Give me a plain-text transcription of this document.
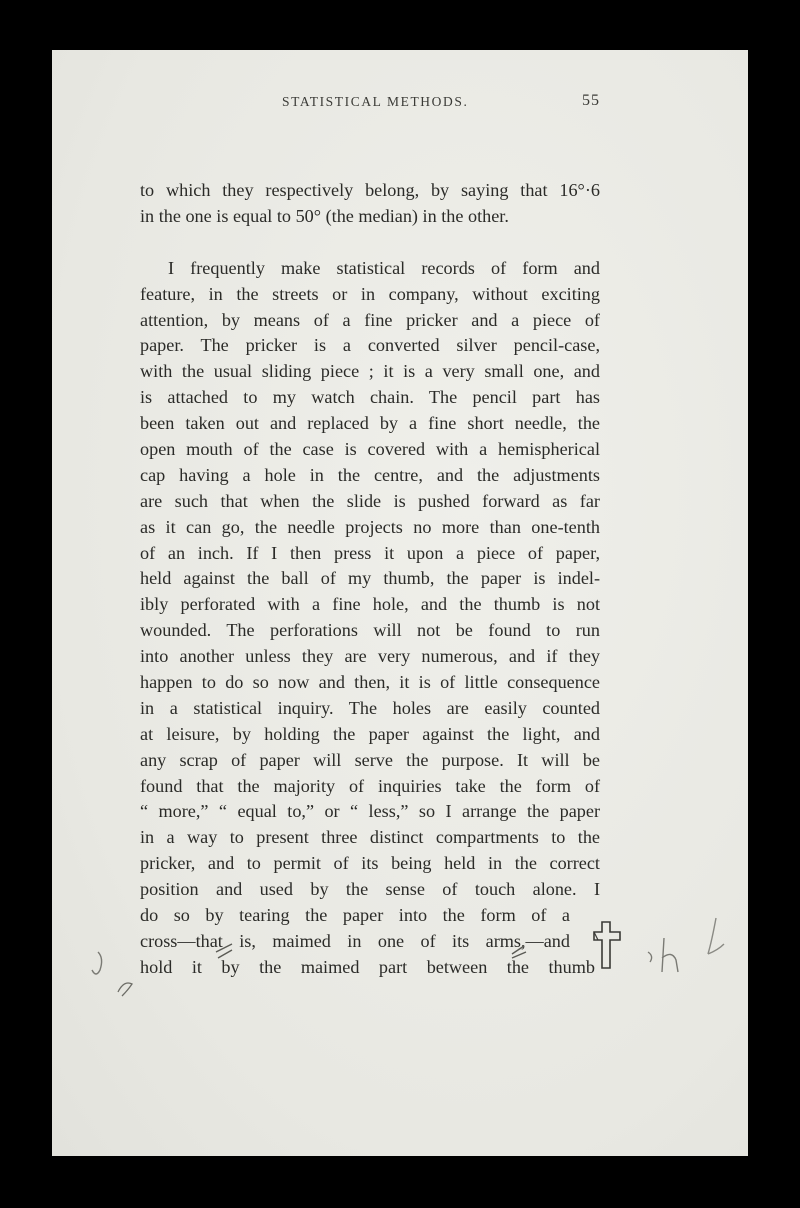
STATISTICAL METHODS.	55
to which they respectively belong, by saying that 16°·6
in the one is equal to 50° (the median) in the other.
I frequently make statistical records of form and
feature, in the streets or in company, without exciting
attention, by means of a fine pricker and a piece of
paper. The pricker is a converted silver pencil-case,
with the usual sliding piece ; it is a very small one, and
is attached to my watch chain. The pencil part has
been taken out and replaced by a fine short needle, the
open mouth of the case is covered with a hemispherical
cap having a hole in the centre, and the adjustments
are such that when the slide is pushed forward as far
as it can go, the needle projects no more than one-tenth
of an inch. If I then press it upon a piece of paper,
held against the ball of my thumb, the paper is indel-
ibly perforated with a fine hole, and the thumb is not
wounded. The perforations will not be found to run
into another unless they are very numerous, and if they
happen to do so now and then, it is of little consequence
in a statistical inquiry. The holes are easily counted
at leisure, by holding the paper against the light, and
any scrap of paper will serve the purpose. It will be
found that the majority of inquiries take the form of
“ more,” “ equal to,” or “ less,” so I arrange the paper
in a way to present three distinct compartments to the
pricker, and to permit of its being held in the correct
position and used by the sense of touch alone. I
do so by tearing the paper into the form of a
cross—that is, maimed in one of its arms,—and
hold it by the maimed part between the thumb
